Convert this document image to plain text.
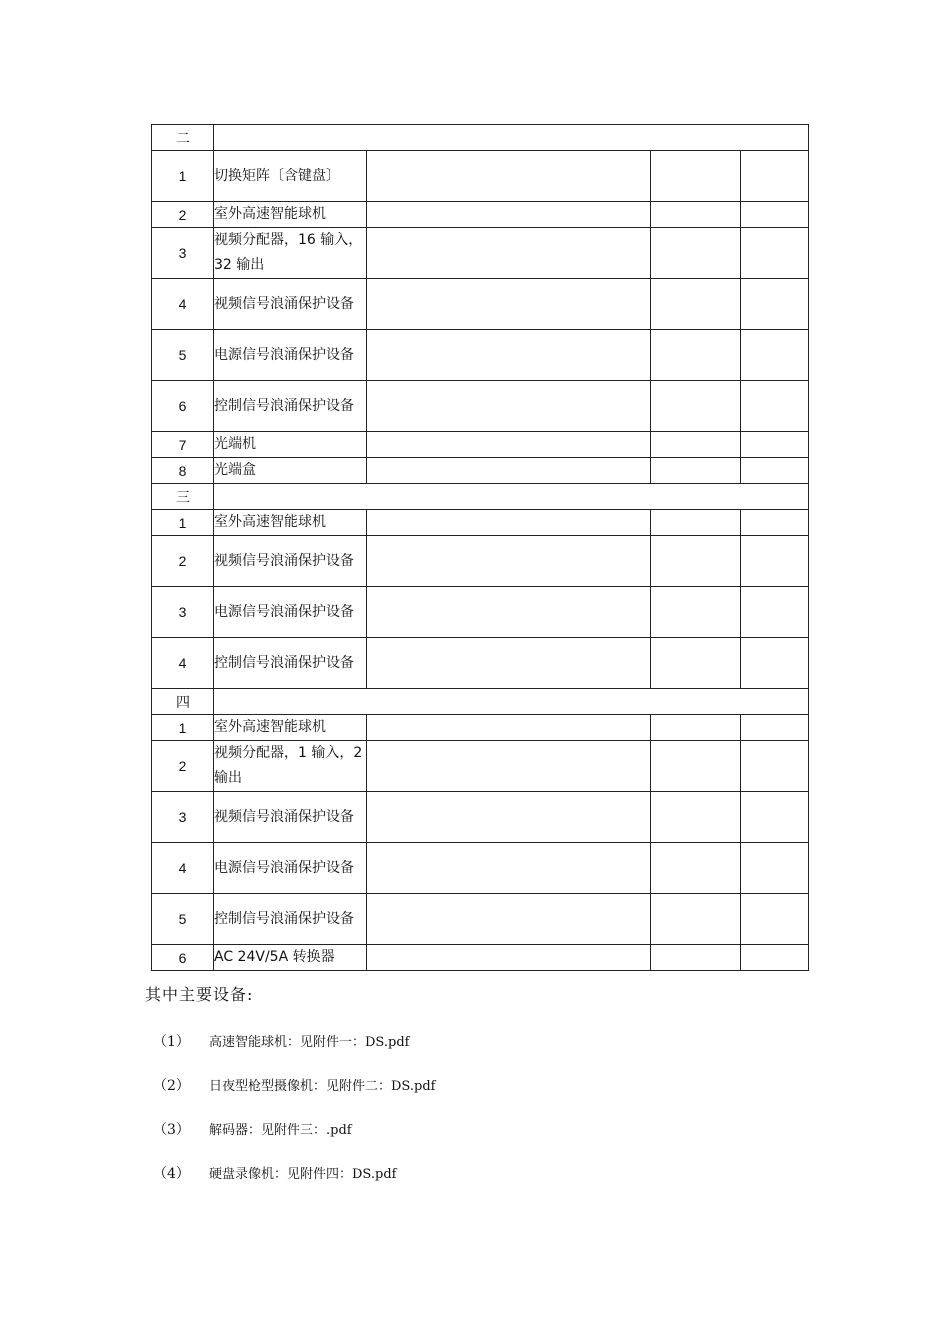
二				
1	切换矩阵〔含键盘〕			
2	室外高速智能球机			
3	视频分配器，16 输入，32 输出			
4	视频信号浪涌保护设备			
5	电源信号浪涌保护设备			
6	控制信号浪涌保护设备			
7	光端机			
8	光端盒			
三				
1	室外高速智能球机			
2	视频信号浪涌保护设备			
3	电源信号浪涌保护设备			
4	控制信号浪涌保护设备			
四				
1	室外高速智能球机			
2	视频分配器，1 输入，2 输出			
3	视频信号浪涌保护设备			
4	电源信号浪涌保护设备			
5	控制信号浪涌保护设备			
6	AC 24V/5A 转换器			
其中主要设备:
（1）	高速智能球机：见附件一：DS.pdf
（2）	日夜型枪型摄像机：见附件二：DS.pdf
（3）	解码器：见附件三：.pdf
（4）	硬盘录像机：见附件四：DS.pdf
